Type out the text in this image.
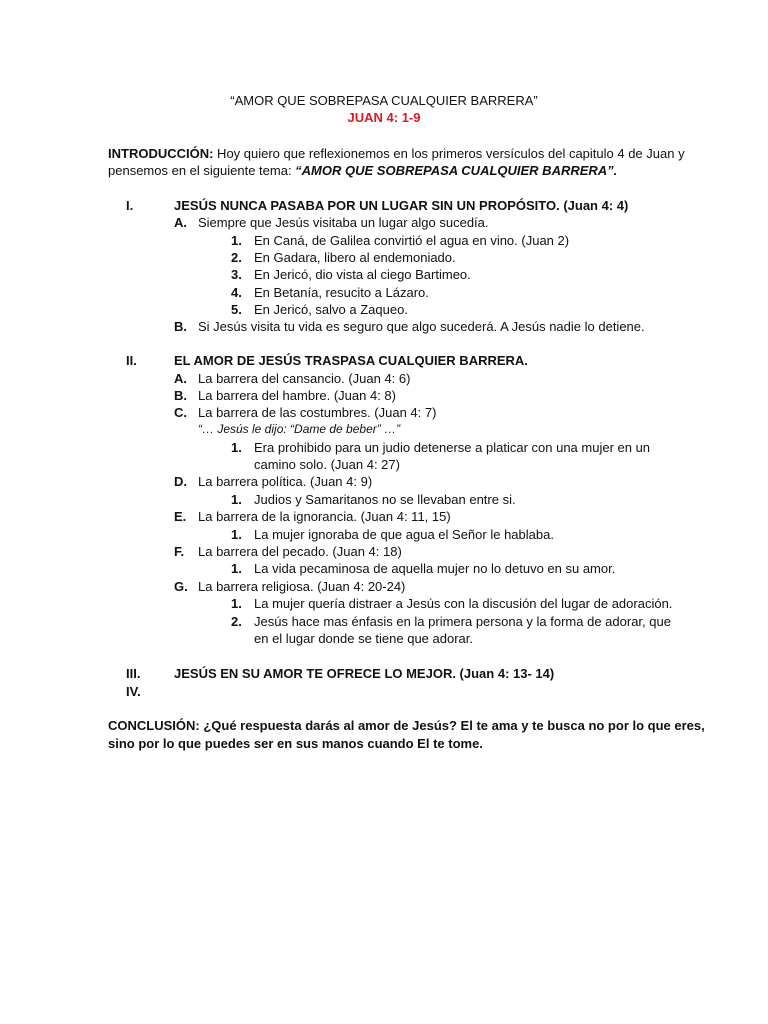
“AMOR QUE SOBREPASA CUALQUIER BARRERA”
JUAN 4: 1-9
INTRODUCCIÓN: Hoy quiero que reflexionemos en los primeros versículos del capitulo 4 de Juan y
pensemos en el siguiente tema: “AMOR QUE SOBREPASA CUALQUIER BARRERA”.
I.	JESÚS NUNCA PASABA POR UN LUGAR SIN UN PROPÓSITO. (Juan 4: 4)
A. Siempre que Jesús visitaba un lugar algo sucedía.
1. En Caná, de Galilea convirtió el agua en vino. (Juan 2)
2. En Gadara, libero al endemoniado.
3. En Jericó, dio vista al ciego Bartimeo.
4. En Betanía, resucito a Lázaro.
5. En Jericó, salvo a Zaqueo.
B. Si Jesús visita tu vida es seguro que algo sucederá. A Jesús nadie lo detiene.
II.	EL AMOR DE JESÚS TRASPASA CUALQUIER BARRERA.
A. La barrera del cansancio. (Juan 4: 6)
B. La barrera del hambre. (Juan 4: 8)
C. La barrera de las costumbres. (Juan 4: 7)
“… Jesús le dijo: “Dame de beber” …”
1. Era prohibido para un judio detenerse a platicar con una mujer en un
camino solo. (Juan 4: 27)
D. La barrera política. (Juan 4: 9)
1. Judios y Samaritanos no se llevaban entre si.
E. La barrera de la ignorancia. (Juan 4: 11, 15)
1. La mujer ignoraba de que agua el Señor le hablaba.
F. La barrera del pecado. (Juan 4: 18)
1. La vida pecaminosa de aquella mujer no lo detuvo en su amor.
G. La barrera religiosa. (Juan 4: 20-24)
1. La mujer quería distraer a Jesús con la discusión del lugar de adoración.
2. Jesús hace mas énfasis en la primera persona y la forma de adorar, que
en el lugar donde se tiene que adorar.
III.	JESÚS EN SU AMOR TE OFRECE LO MEJOR. (Juan 4: 13- 14)
IV.
CONCLUSIÓN: ¿Qué respuesta darás al amor de Jesús? El te ama y te busca no por lo que eres,
sino por lo que puedes ser en sus manos cuando El te tome.
